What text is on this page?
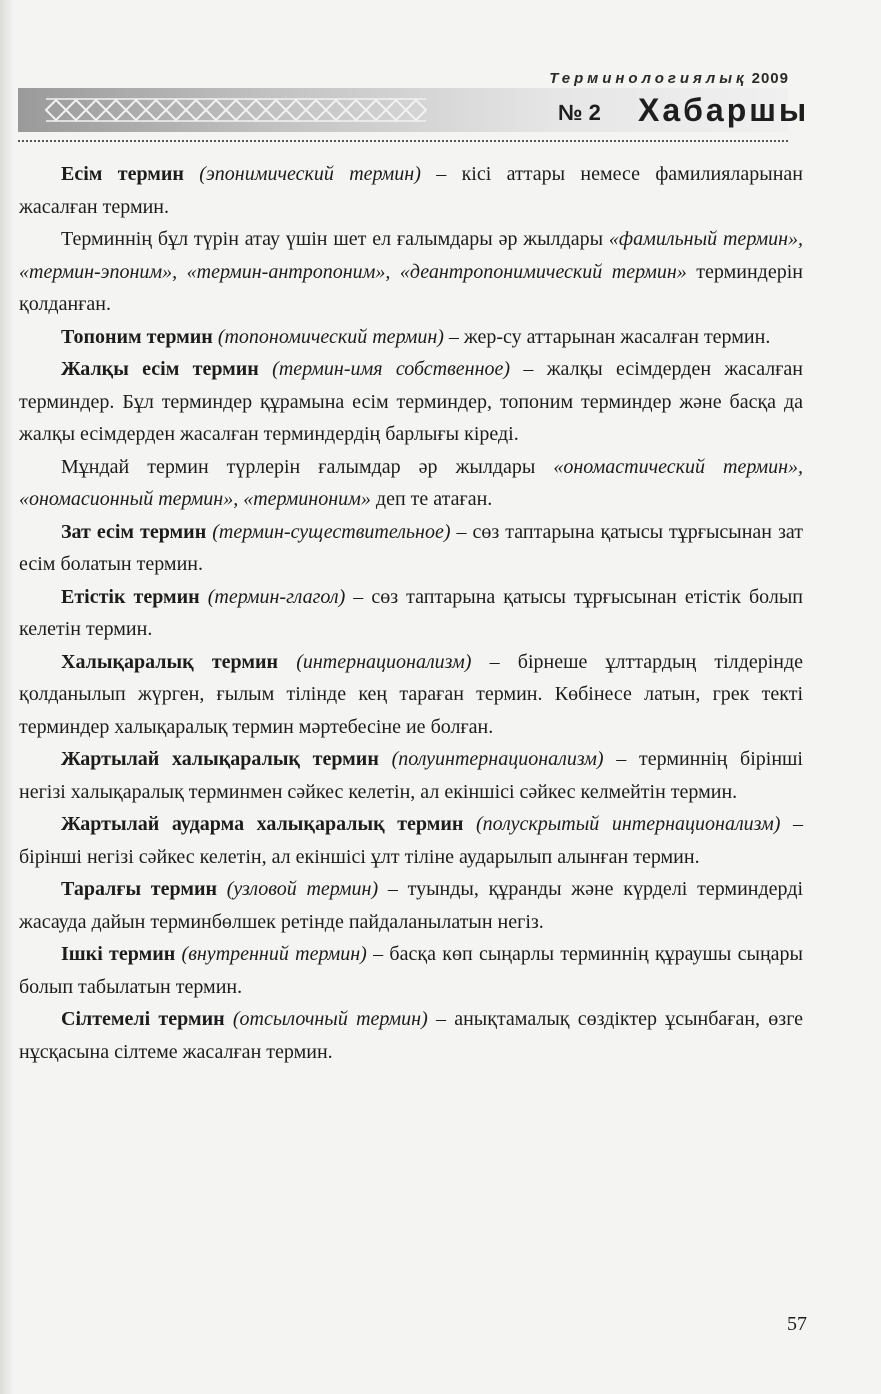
Терминологиялық 2009
№ 2 Хабаршы

Есім термин (эпонимический термин) – кісі аттары немесе фамилияларынан жасалған термин.

Терминнің бұл түрін атау үшін шет ел ғалымдары әр жылдары «фамильный термин», «термин-эпоним», «термин-антропоним», «деантропонимический термин» терминдерін қолданған.

Топоним термин (топономический термин) – жер-су аттарынан жасалған термин.

Жалқы есім термин (термин-имя собственное) – жалқы есімдерден жасалған терминдер. Бұл терминдер құрамына есім терминдер, топоним терминдер және басқа да жалқы есімдерден жасалған терминдердің барлығы кіреді.

Мұндай термин түрлерін ғалымдар әр жылдары «ономастический термин», «ономасионный термин», «терминоним» деп те атаған.

Зат есім термин (термин-существительное) – сөз таптарына қатысы тұрғысынан зат есім болатын термин.

Етістік термин (термин-глагол) – сөз таптарына қатысы тұрғысынан етістік болып келетін термин.

Халықаралық термин (интернационализм) – бірнеше ұлттардың тілдерінде қолданылып жүрген, ғылым тілінде кең тараған термин. Көбінесе латын, грек текті терминдер халықаралық термин мәртебесіне ие болған.

Жартылай халықаралық термин (полуинтернационализм) – терминнің бірінші негізі халықаралық терминмен сәйкес келетін, ал екіншісі сәйкес келмейтін термин.

Жартылай аударма халықаралық термин (полускрытый интернационализм) – бірінші негізі сәйкес келетін, ал екіншісі ұлт тіліне аударылып алынған термин.

Таралғы термин (узловой термин) – туынды, құранды және күрделі терминдерді жасауда дайын терминбөлшек ретінде пайдаланылатын негіз.

Ішкі термин (внутренний термин) – басқа көп сыңарлы терминнің құраушы сыңары болып табылатын термин.

Сілтемелі термин (отсылочный термин) – анықтамалық сөздіктер ұсынбаған, өзге нұсқасына сілтеме жасалған термин.

57
